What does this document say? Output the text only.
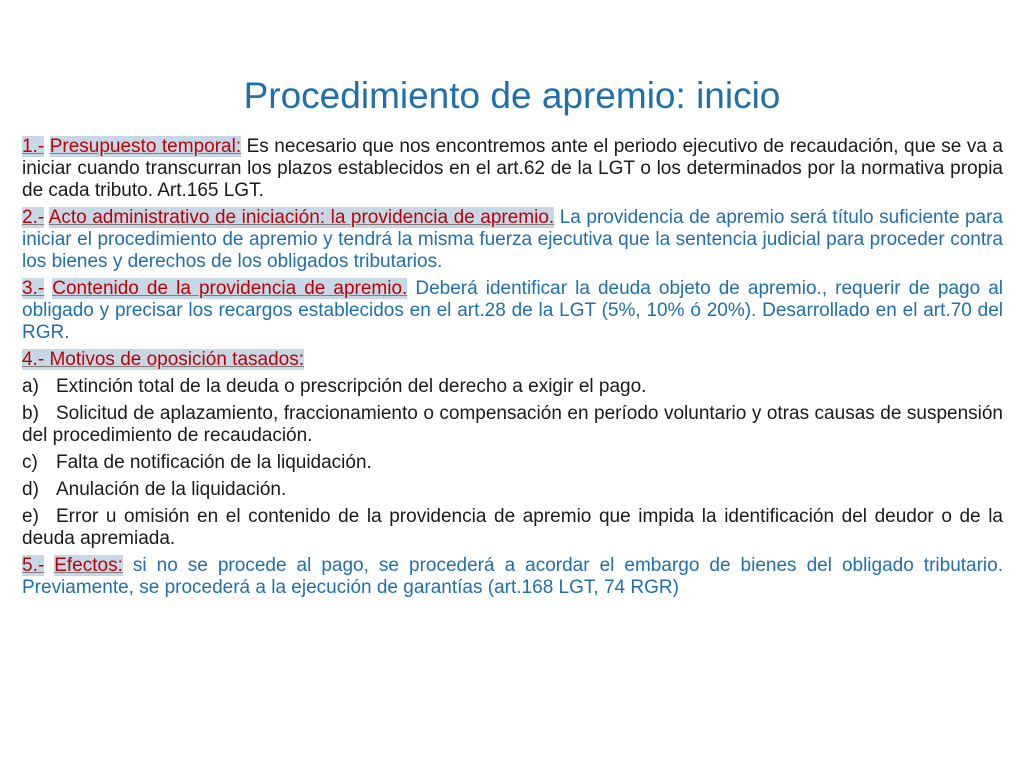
Procedimiento de apremio: inicio

1.- Presupuesto temporal: Es necesario que nos encontremos ante el periodo ejecutivo de recaudación, que se va a iniciar cuando transcurran los plazos establecidos en el art.62 de la LGT o los determinados por la normativa propia de cada tributo. Art.165 LGT.

2.- Acto administrativo de iniciación: la providencia de apremio. La providencia de apremio será título suficiente para iniciar el procedimiento de apremio y tendrá la misma fuerza ejecutiva que la sentencia judicial para proceder contra los bienes y derechos de los obligados tributarios.

3.- Contenido de la providencia de apremio. Deberá identificar la deuda objeto de apremio., requerir de pago al obligado y precisar los recargos establecidos en el art.28 de la LGT (5%, 10% ó 20%). Desarrollado en el art.70 del RGR.

4.- Motivos de oposición tasados:

a) Extinción total de la deuda o prescripción del derecho a exigir el pago.

b) Solicitud de aplazamiento, fraccionamiento o compensación en período voluntario y otras causas de suspensión del procedimiento de recaudación.

c) Falta de notificación de la liquidación.

d) Anulación de la liquidación.

e) Error u omisión en el contenido de la providencia de apremio que impida la identificación del deudor o de la deuda apremiada.

5.- Efectos: si no se procede al pago, se procederá a acordar el embargo de bienes del obligado tributario. Previamente, se procederá a la ejecución de garantías (art.168 LGT, 74 RGR)
